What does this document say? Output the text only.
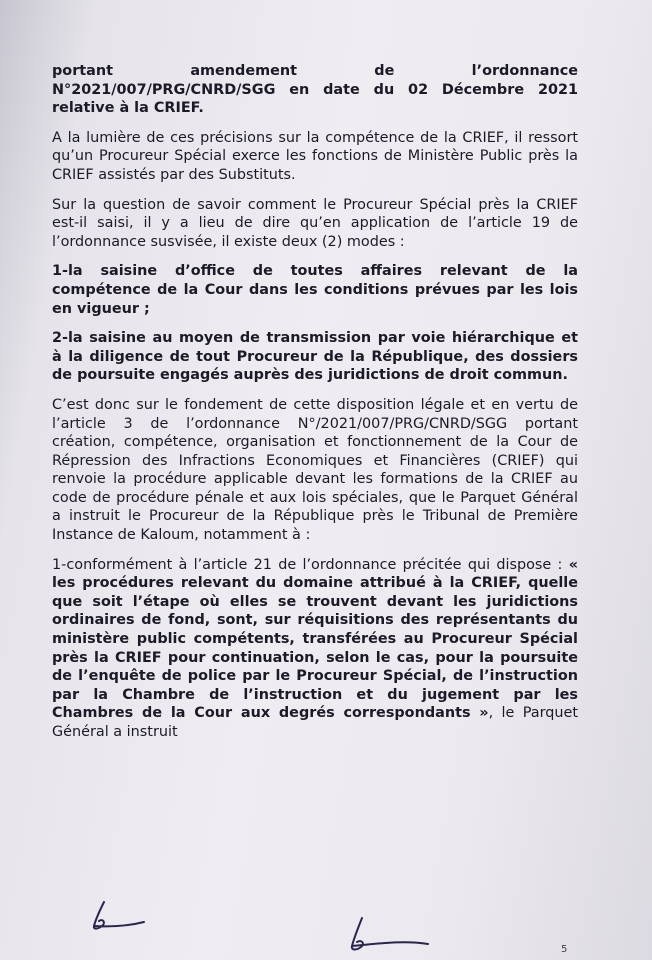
portant amendement de l’ordonnance N°2021/007/PRG/CNRD/SGG en date du 02 Décembre 2021 relative à la CRIEF.

A la lumière de ces précisions sur la compétence de la CRIEF, il ressort qu’un Procureur Spécial exerce les fonctions de Ministère Public près la CRIEF assistés par des Substituts.

Sur la question de savoir comment le Procureur Spécial près la CRIEF est-il saisi, il y a lieu de dire qu’en application de l’article 19 de l’ordonnance susvisée, il existe deux (2) modes :

1-la saisine d’office de toutes affaires relevant de la compétence de la Cour dans les conditions prévues par les lois en vigueur ;

2-la saisine au moyen de transmission par voie hiérarchique et à la diligence de tout Procureur de la République, des dossiers de poursuite engagés auprès des juridictions de droit commun.

C’est donc sur le fondement de cette disposition légale et en vertu de l’article 3 de l’ordonnance N°/2021/007/PRG/CNRD/SGG portant création, compétence, organisation et fonctionnement de la Cour de Répression des Infractions Economiques et Financières (CRIEF) qui renvoie la procédure applicable devant les formations de la CRIEF au code de procédure pénale et aux lois spéciales, que le Parquet Général a instruit le Procureur de la République près le Tribunal de Première Instance de Kaloum, notamment à :

1-conformément à l’article 21 de l’ordonnance précitée qui dispose : « les procédures relevant du domaine attribué à la CRIEF, quelle que soit l’étape où elles se trouvent devant les juridictions ordinaires de fond, sont, sur réquisitions des représentants du ministère public compétents, transférées au Procureur Spécial près la CRIEF pour continuation, selon le cas, pour la poursuite de l’enquête de police par le Procureur Spécial, de l’instruction par la Chambre de l’instruction et du jugement par les Chambres de la Cour aux degrés correspondants », le Parquet Général a instruit

5
